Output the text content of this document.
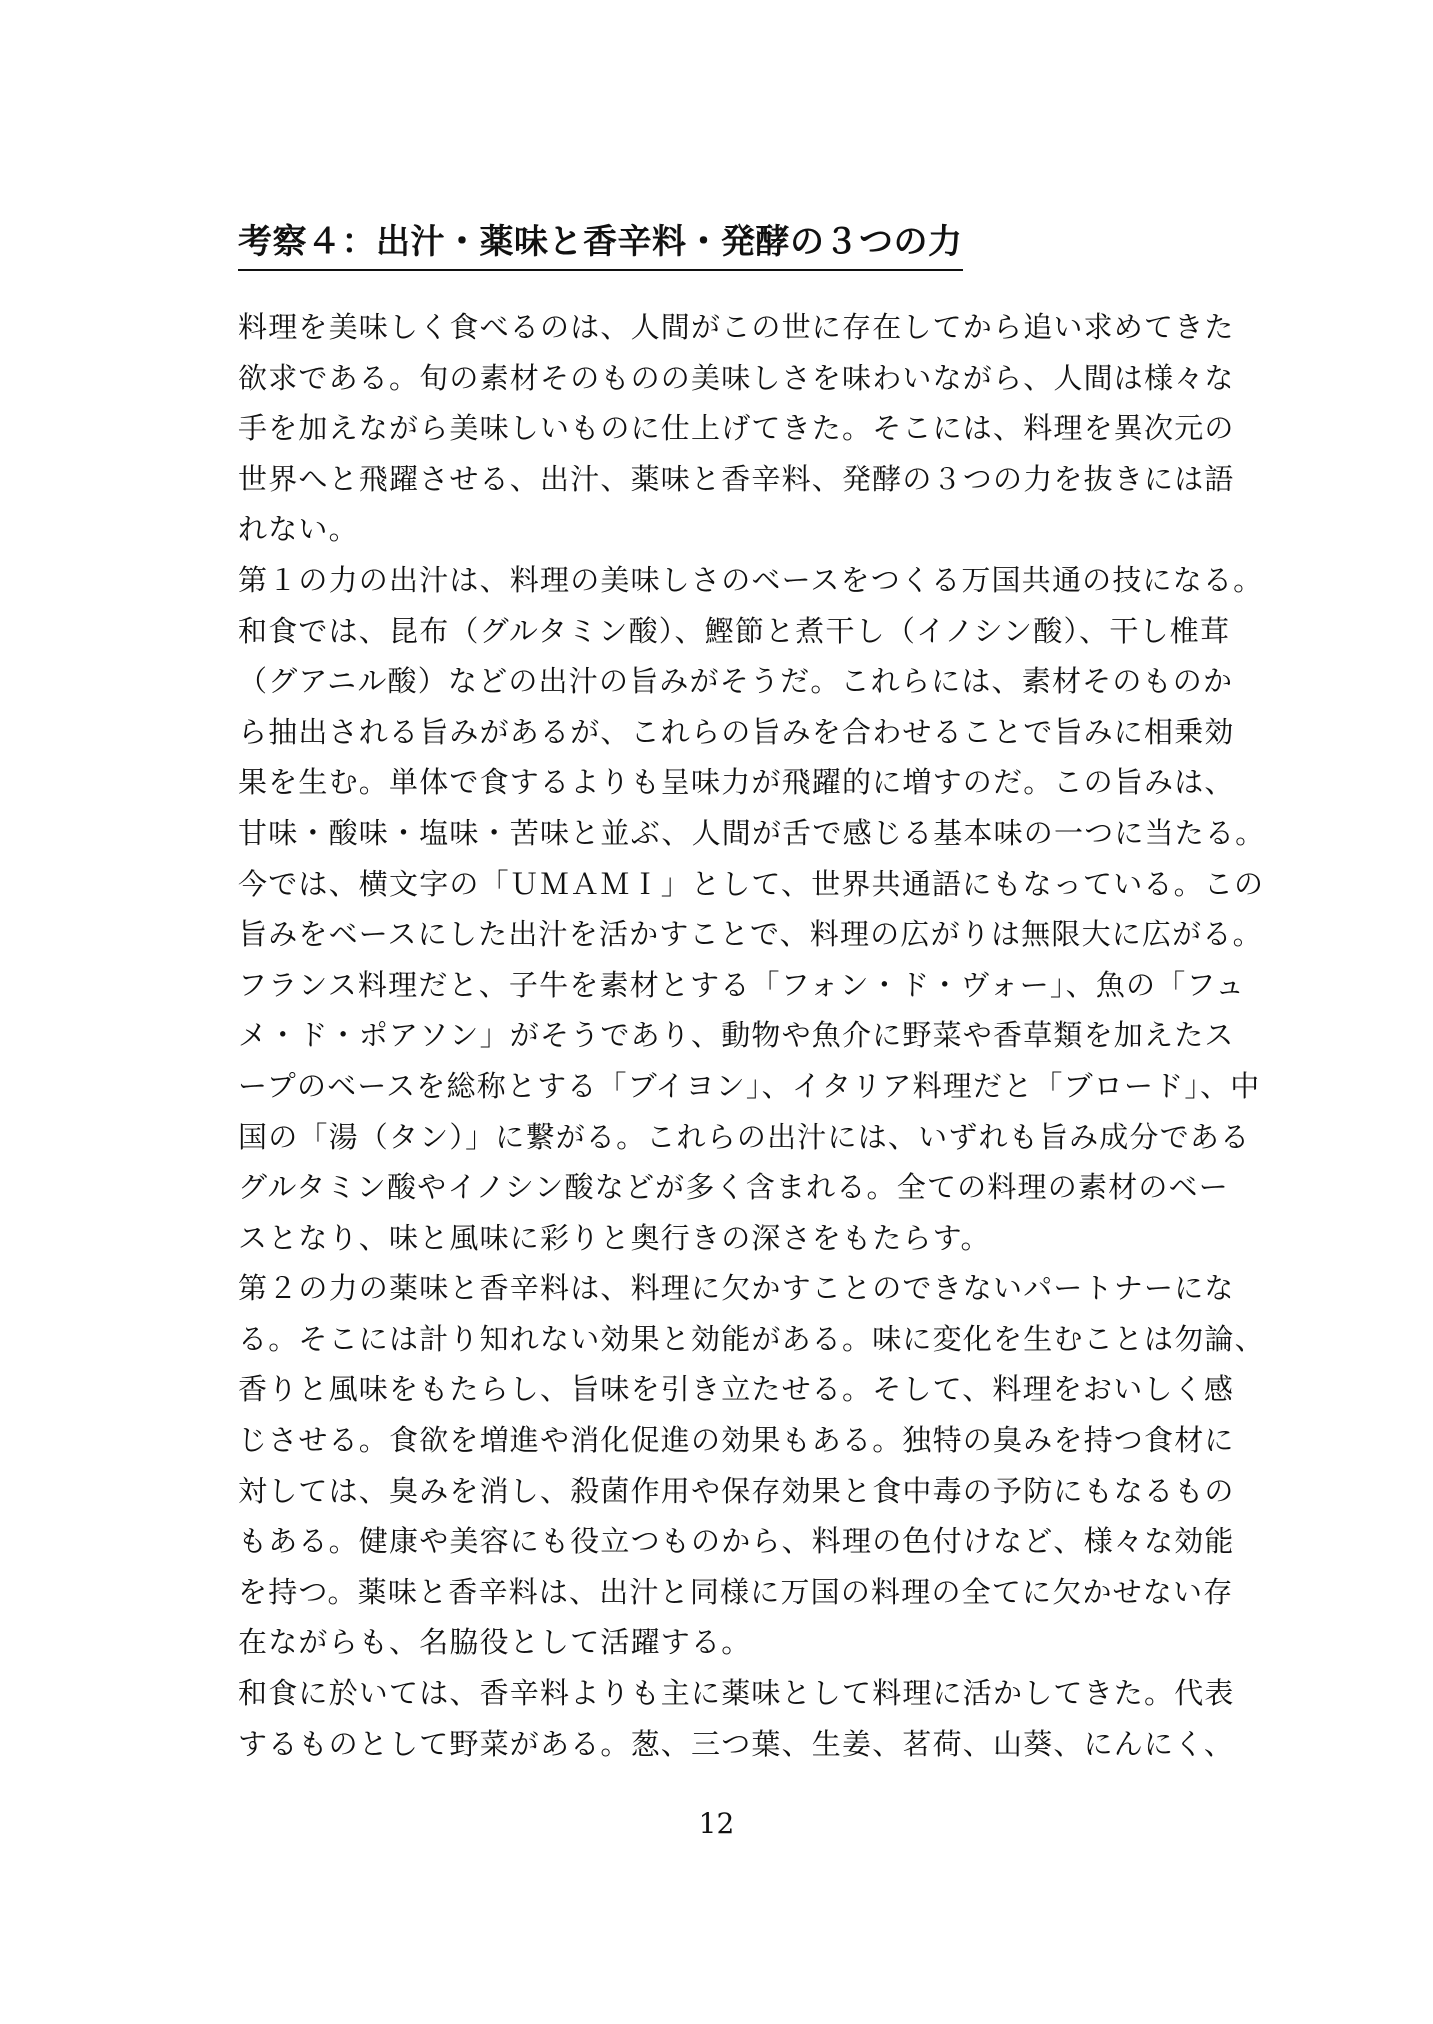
考察４：出汁・薬味と香辛料・発酵の３つの力
料理を美味しく食べるのは、人間がこの世に存在してから追い求めてきた
欲求である。旬の素材そのものの美味しさを味わいながら、人間は様々な
手を加えながら美味しいものに仕上げてきた。そこには、料理を異次元の
世界へと飛躍させる、出汁、薬味と香辛料、発酵の３つの力を抜きには語
れない。
第１の力の出汁は、料理の美味しさのベースをつくる万国共通の技になる。
和食では、昆布（グルタミン酸）、鰹節と煮干し（イノシン酸）、干し椎茸
（グアニル酸）などの出汁の旨みがそうだ。これらには、素材そのものか
ら抽出される旨みがあるが、これらの旨みを合わせることで旨みに相乗効
果を生む。単体で食するよりも呈味力が飛躍的に増すのだ。この旨みは、
甘味・酸味・塩味・苦味と並ぶ、人間が舌で感じる基本味の一つに当たる。
今では、横文字の「ＵＭＡＭＩ」として、世界共通語にもなっている。この
旨みをベースにした出汁を活かすことで、料理の広がりは無限大に広がる。
フランス料理だと、子牛を素材とする「フォン・ド・ヴォー」、魚の「フュ
メ・ド・ポアソン」がそうであり、動物や魚介に野菜や香草類を加えたス
ープのベースを総称とする「ブイヨン」、イタリア料理だと「ブロード」、中
国の「湯（タン）」に繋がる。これらの出汁には、いずれも旨み成分である
グルタミン酸やイノシン酸などが多く含まれる。全ての料理の素材のベー
スとなり、味と風味に彩りと奥行きの深さをもたらす。
第２の力の薬味と香辛料は、料理に欠かすことのできないパートナーにな
る。そこには計り知れない効果と効能がある。味に変化を生むことは勿論、
香りと風味をもたらし、旨味を引き立たせる。そして、料理をおいしく感
じさせる。食欲を増進や消化促進の効果もある。独特の臭みを持つ食材に
対しては、臭みを消し、殺菌作用や保存効果と食中毒の予防にもなるもの
もある。健康や美容にも役立つものから、料理の色付けなど、様々な効能
を持つ。薬味と香辛料は、出汁と同様に万国の料理の全てに欠かせない存
在ながらも、名脇役として活躍する。
和食に於いては、香辛料よりも主に薬味として料理に活かしてきた。代表
するものとして野菜がある。葱、三つ葉、生姜、茗荷、山葵、にんにく、
12
